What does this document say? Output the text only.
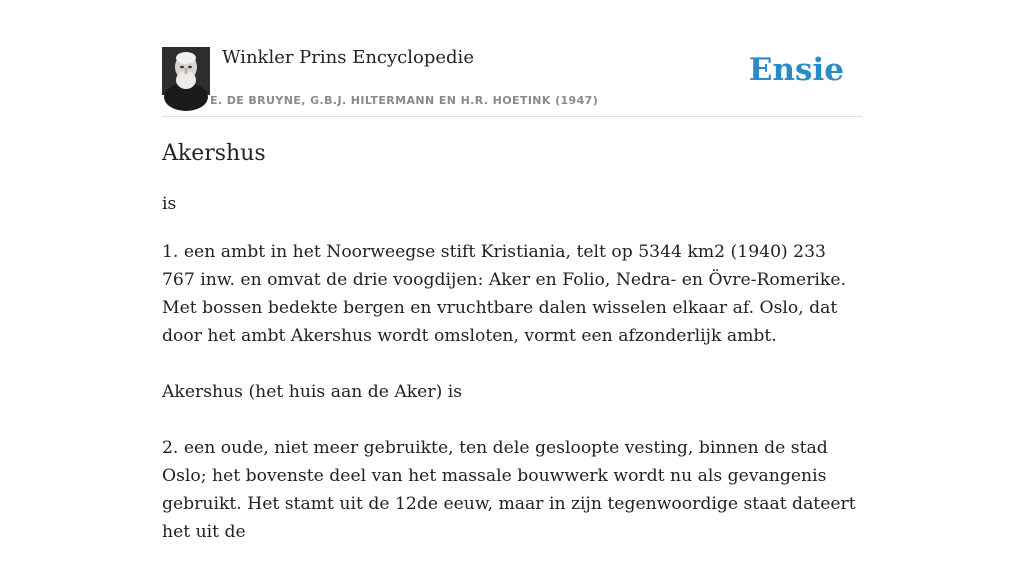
Winkler Prins Encyclopedie
E. DE BRUYNE, G.B.J. HILTERMANN EN H.R. HOETINK (1947)
Ensie
Akershus

is

1. een ambt in het Noorweegse stift Kristiania, telt op 5344 km2 (1940) 233 767 inw. en omvat de drie voogdijen: Aker en Folio, Nedra- en Övre-Romerike. Met bossen bedekte bergen en vruchtbare dalen wisselen elkaar af. Oslo, dat door het ambt Akershus wordt omsloten, vormt een afzonderlijk ambt.

Akershus (het huis aan de Aker) is

2. een oude, niet meer gebruikte, ten dele gesloopte vesting, binnen de stad Oslo; het bovenste deel van het massale bouwwerk wordt nu als gevangenis gebruikt. Het stamt uit de 12de eeuw, maar in zijn tegenwoordige staat dateert het uit de
